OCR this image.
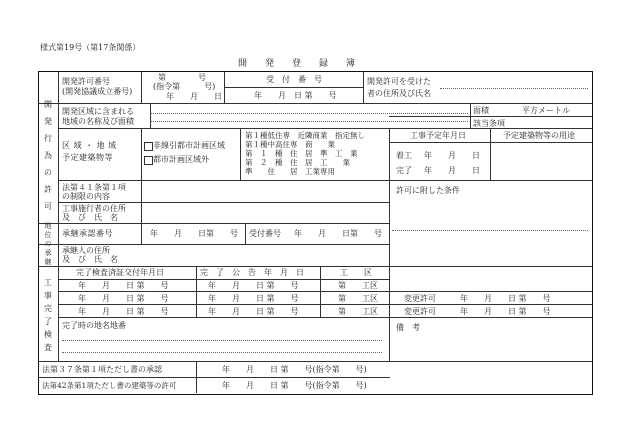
様式第19号（第17条関係）
開　　発　　登　　録　　簿
開発許可番号
(開発協議成立番号)
第　　　　号
(指令第　　　号)
年　　月　　日
受　付　番　号
年　　月　日 第　　号
開発許可を受けた
者の住所及び氏名
開発区域に含まれる
地域の名称及び面積
面積	平方メートル
該当条項
開
発
行
為
の
許
可
地
位
の
承
継
工
事
完
了
検
査
区 域 ・ 地 域
予定建築物等
非線引都市計画区域
都市計画区域外
第１種低住専　近隣商業　指定無し
第１種中高住専　商　　業
第　１　種　住　居　準　工　業
第　２　種　住　居　工　　業
準　　住　　居　工業専用
工事予定年月日
着工 年　　月　　日
完了 年　　月　　日
予定建築物等の用途
法第４１条第１項
の制限の内容
許可に附した条件
工事施行者の住所
及　び　氏　名
承継承認番号	年　　月　　日第　　号 受付番号 年　　月　　日第　　号
承継人の住所
及　び　氏　名
完了検査済証交付年月日	完　了　公　告　年　月　日	工　　区
年　　月　　日 第　　号	年　　月　　日 第　　号	第　　工区
年　　月　　日 第　　号	年　　月　　日 第　　号	第　　工区	変更許可	年　　月　　日 第　　号
年　　月　　日 第　　号	年　　月　　日 第　　号	第　　工区	変更許可	年　　月　　日 第　　号
完了時の地名地番	備　考
法第３７条第１項ただし書の承認	年　　月　　日 第　　号(指令第　　号)
法第42条第1項ただし書の建築等の許可	年　　月　　日 第　　号(指令第　　号)
